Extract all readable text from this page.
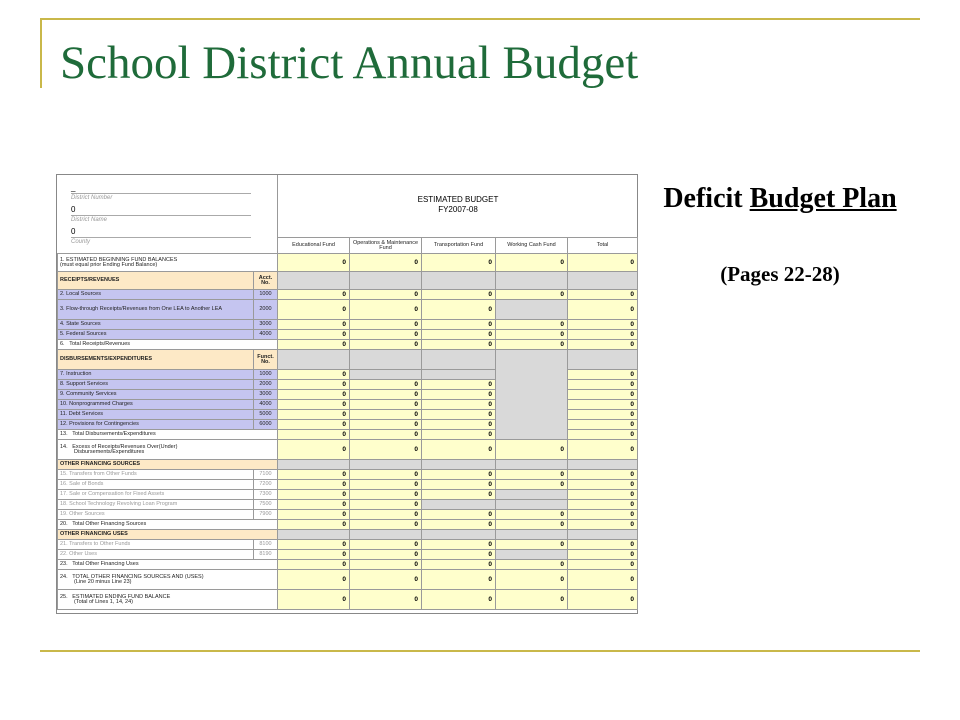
School District Annual Budget
Deficit Budget Plan
(Pages 22-28)
_
District Number
0
District Name
0
County
ESTIMATED BUDGET
FY2007-08
		Educational Fund	Operations & Maintenance Fund	Transportation Fund	Working Cash Fund	Total

1. ESTIMATED BEGINNING FUND BALANCES
(must equal prior Ending Fund Balance)		0	0	0	0	0
RECEIPTS/REVENUES	Acct. No.					
2. Local Sources	1000	0	0	0	0	0
3. Flow-through Receipts/Revenues from One LEA to Another LEA	2000	0	0	0		0
4. State Sources	3000	0	0	0	0	0
5. Federal Sources	4000	0	0	0	0	0
6. Total Receipts/Revenues		0	0	0	0	0
DISBURSEMENTS/EXPENDITURES	Funct. No.					
7. Instruction	1000	0				0
8. Support Services	2000	0	0	0		0
9. Community Services	3000	0	0	0		0
10. Nonprogrammed Charges	4000	0	0	0		0
11. Debt Services	5000	0	0	0		0
12. Provisions for Contingencies	6000	0	0	0		0
13. Total Disbursements/Expenditures		0	0	0		0

14. Excess of Receipts/Revenues Over(Under)
Disbursements/Expenditures		0	0	0	0	0
OTHER FINANCING SOURCES						
15. Transfers from Other Funds	7100	0	0	0	0	0
16. Sale of Bonds	7200	0	0	0	0	0
17. Sale or Compensation for Fixed Assets	7300	0	0	0		0
18. School Technology Revolving Loan Program	7500	0	0			0
19. Other Sources	7900	0	0	0	0	0
20. Total Other Financing Sources		0	0	0	0	0
OTHER FINANCING USES						
21. Transfers to Other Funds	8100	0	0	0	0	0
22. Other Uses	8190	0	0	0		0
23. Total Other Financing Uses		0	0	0	0	0

24. TOTAL OTHER FINANCING SOURCES AND (USES)
(Line 20 minus Line 23)		0	0	0	0	0

25. ESTIMATED ENDING FUND BALANCE
(Total of Lines 1, 14, 24)		0	0	0	0	0
